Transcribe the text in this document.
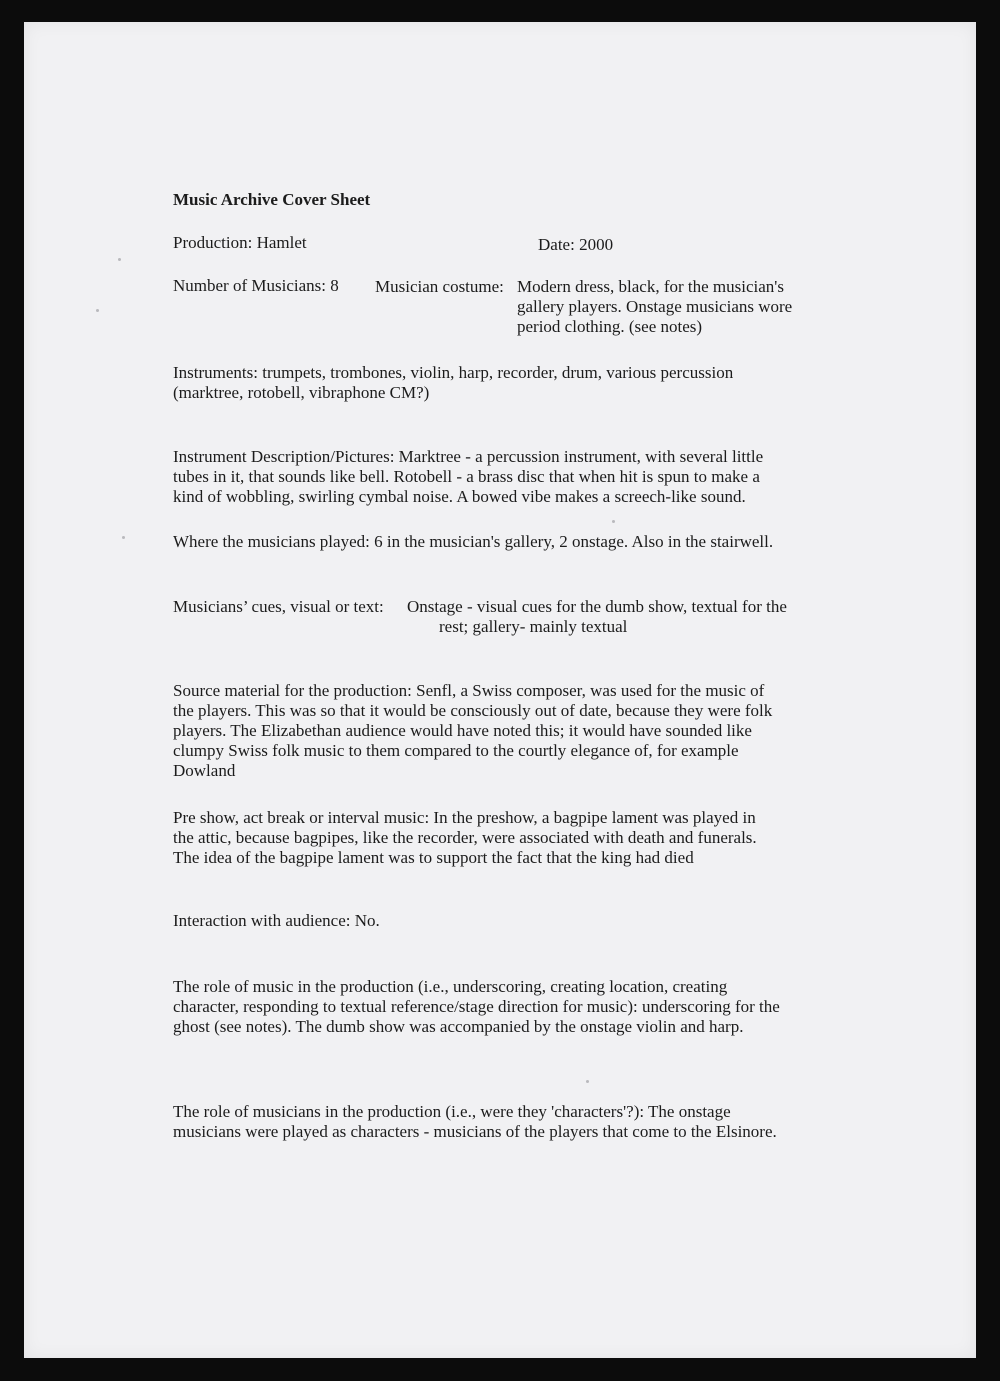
Music Archive Cover Sheet
Production: Hamlet	Date: 2000
Number of Musicians: 8 Musician costume: Modern dress, black, for the musician's
gallery players. Onstage musicians wore
period clothing. (see notes)
Instruments: trumpets, trombones, violin, harp, recorder, drum, various percussion
(marktree, rotobell, vibraphone CM?)
Instrument Description/Pictures: Marktree - a percussion instrument, with several little
tubes in it, that sounds like bell. Rotobell - a brass disc that when hit is spun to make a
kind of wobbling, swirling cymbal noise. A bowed vibe makes a screech-like sound.
Where the musicians played: 6 in the musician's gallery, 2 onstage. Also in the stairwell.
Musicians’ cues, visual or text: Onstage - visual cues for the dumb show, textual for the
rest; gallery- mainly textual
Source material for the production: Senfl, a Swiss composer, was used for the music of
the players. This was so that it would be consciously out of date, because they were folk
players. The Elizabethan audience would have noted this; it would have sounded like
clumpy Swiss folk music to them compared to the courtly elegance of, for example
Dowland
Pre show, act break or interval music: In the preshow, a bagpipe lament was played in
the attic, because bagpipes, like the recorder, were associated with death and funerals.
The idea of the bagpipe lament was to support the fact that the king had died
Interaction with audience: No.
The role of music in the production (i.e., underscoring, creating location, creating
character, responding to textual reference/stage direction for music): underscoring for the
ghost (see notes). The dumb show was accompanied by the onstage violin and harp.
The role of musicians in the production (i.e., were they 'characters'?): The onstage
musicians were played as characters - musicians of the players that come to the Elsinore.
